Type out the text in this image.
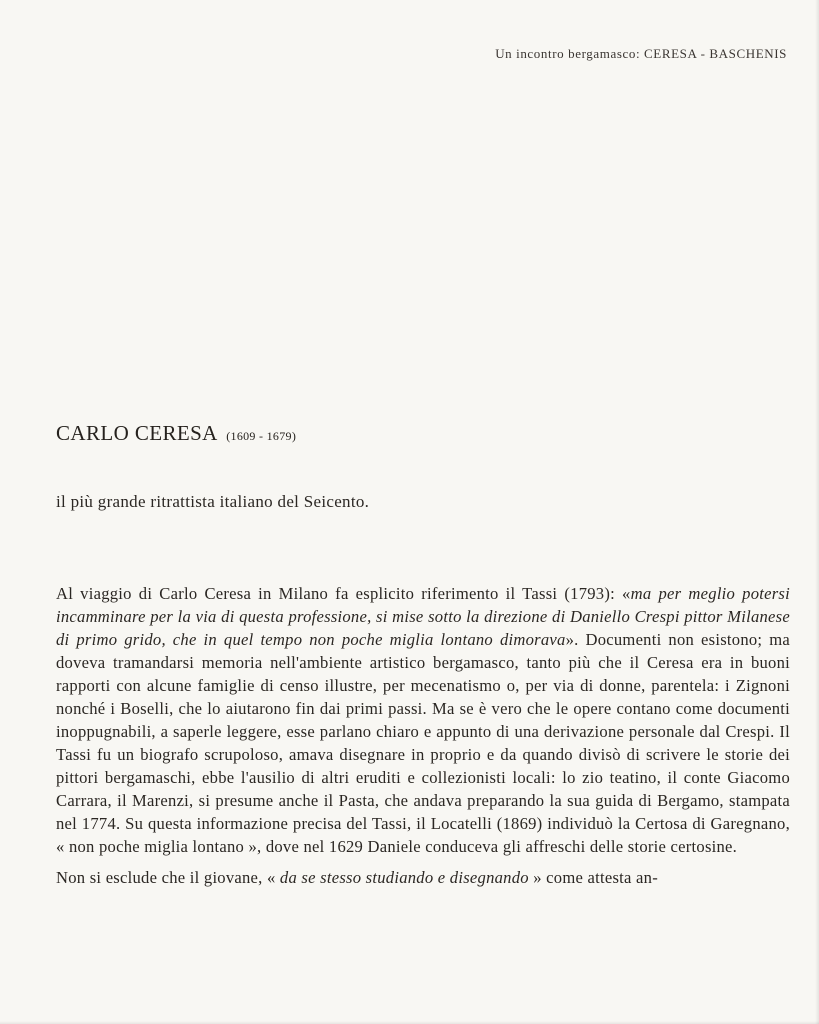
Un incontro bergamasco: CERESA - BASCHENIS
CARLO CERESA (1609 - 1679)
il più grande ritrattista italiano del Seicento.

Al viaggio di Carlo Ceresa in Milano fa esplicito riferimento il Tassi (1793): «ma per meglio potersi incamminare per la via di questa professione, si mise sotto la direzione di Daniello Crespi pittor Milanese di primo grido, che in quel tempo non poche miglia lontano dimorava». Documenti non esistono; ma doveva tramandarsi memoria nell'ambiente artistico bergamasco, tanto più che il Ceresa era in buoni rapporti con alcune famiglie di censo illustre, per mecenatismo o, per via di donne, parentela: i Zignoni nonché i Boselli, che lo aiutarono fin dai primi passi. Ma se è vero che le opere contano come documenti inoppugnabili, a saperle leggere, esse parlano chiaro e appunto di una derivazione personale dal Crespi. Il Tassi fu un biografo scrupoloso, amava disegnare in proprio e da quando divisò di scrivere le storie dei pittori bergamaschi, ebbe l'ausilio di altri eruditi e collezionisti locali: lo zio teatino, il conte Giacomo Carrara, il Marenzi, si presume anche il Pasta, che andava preparando la sua guida di Bergamo, stampata nel 1774. Su questa informazione precisa del Tassi, il Locatelli (1869) individuò la Certosa di Garegnano, « non poche miglia lontano », dove nel 1629 Daniele conduceva gli affreschi delle storie certosine.

Non si esclude che il giovane, « da se stesso studiando e disegnando » come attesta an-
